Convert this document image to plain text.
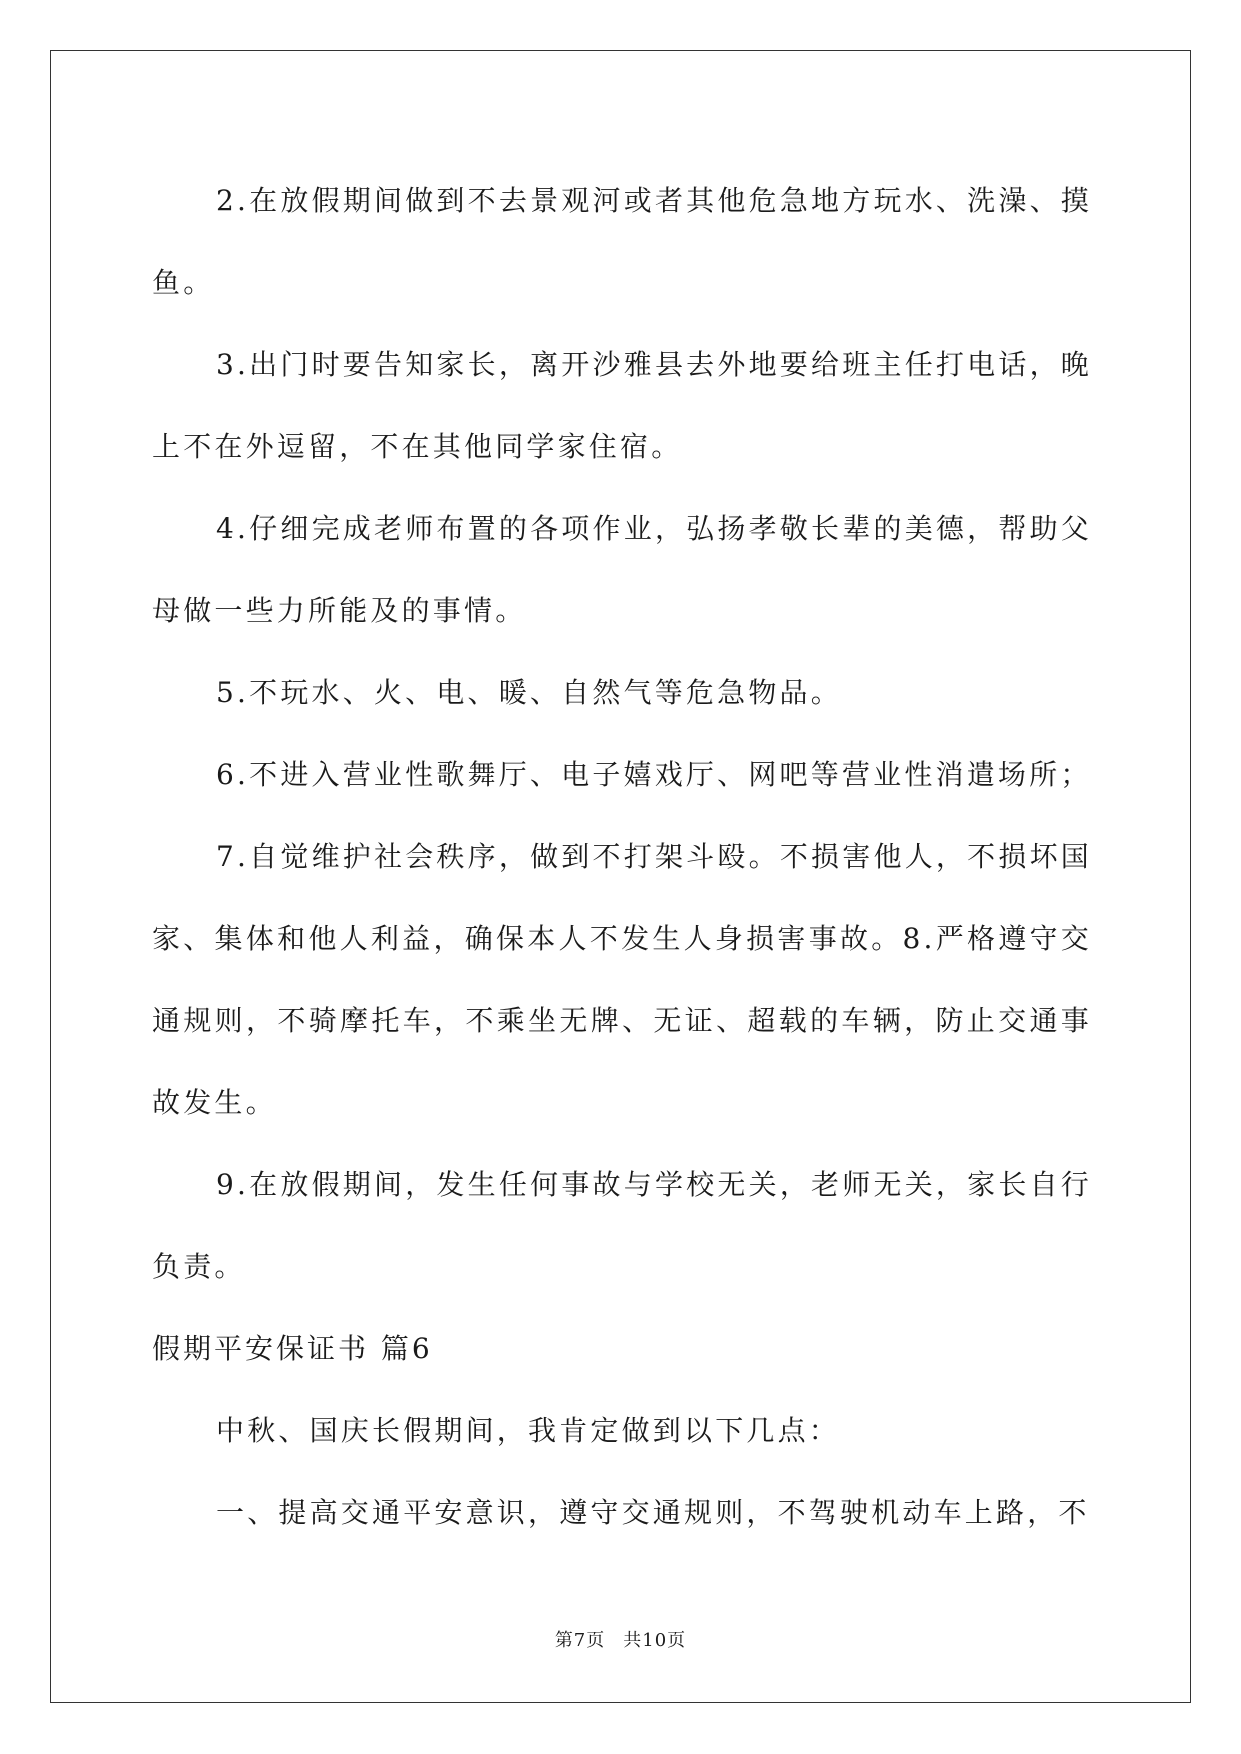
2.在放假期间做到不去景观河或者其他危急地方玩水、洗澡、摸鱼。

3.出门时要告知家长，离开沙雅县去外地要给班主任打电话，晚上不在外逗留，不在其他同学家住宿。

4.仔细完成老师布置的各项作业，弘扬孝敬长辈的美德，帮助父母做一些力所能及的事情。

5.不玩水、火、电、暖、自然气等危急物品。

6.不进入营业性歌舞厅、电子嬉戏厅、网吧等营业性消遣场所；

7.自觉维护社会秩序，做到不打架斗殴。不损害他人，不损坏国家、集体和他人利益，确保本人不发生人身损害事故。8.严格遵守交通规则，不骑摩托车，不乘坐无牌、无证、超载的车辆，防止交通事故发生。

9.在放假期间，发生任何事故与学校无关，老师无关，家长自行负责。

假期平安保证书 篇6

中秋、国庆长假期间，我肯定做到以下几点：

一、提高交通平安意识，遵守交通规则，不驾驶机动车上路，不

第7页 共10页
